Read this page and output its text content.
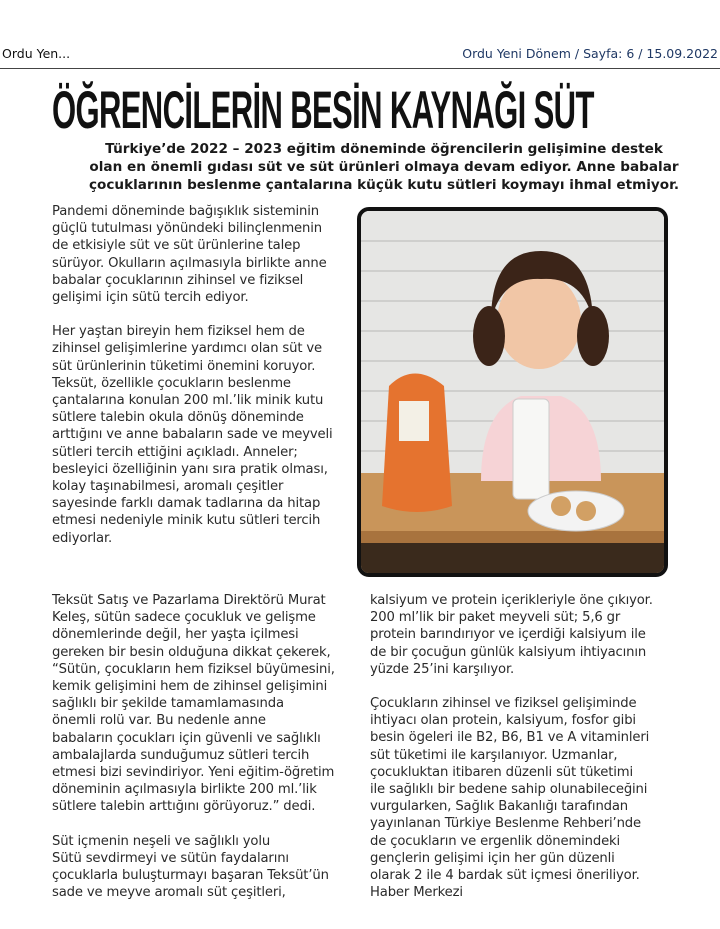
Ordu Yen...	Ordu Yeni Dönem / Sayfa: 6 / 15.09.2022
ÖĞRENCİLERİN BESİN KAYNAĞI SÜT
Türkiye’de 2022 – 2023 eğitim döneminde öğrencilerin gelişimine destek
olan en önemli gıdası süt ve süt ürünleri olmaya devam ediyor. Anne babalar
çocuklarının beslenme çantalarına küçük kutu sütleri koymayı ihmal etmiyor.
Pandemi döneminde bağışıklık sisteminin
güçlü tutulması yönündeki bilinçlenmenin
de etkisiyle süt ve süt ürünlerine talep
sürüyor. Okulların açılmasıyla birlikte anne
babalar çocuklarının zihinsel ve fiziksel
gelişimi için sütü tercih ediyor.
Her yaştan bireyin hem fiziksel hem de
zihinsel gelişimlerine yardımcı olan süt ve
süt ürünlerinin tüketimi önemini koruyor.
Teksüt, özellikle çocukların beslenme
çantalarına konulan 200 ml.’lik minik kutu
sütlere talebin okula dönüş döneminde
arttığını ve anne babaların sade ve meyveli
sütleri tercih ettiğini açıkladı. Anneler;
besleyici özelliğinin yanı sıra pratik olması,
kolay taşınabilmesi, aromalı çeşitler
sayesinde farklı damak tadlarına da hitap
etmesi nedeniyle minik kutu sütleri tercih
ediyorlar.
Teksüt Satış ve Pazarlama Direktörü Murat
Keleş, sütün sadece çocukluk ve gelişme
dönemlerinde değil, her yaşta içilmesi
gereken bir besin olduğuna dikkat çekerek,
“Sütün, çocukların hem fiziksel büyümesini,
kemik gelişimini hem de zihinsel gelişimini
sağlıklı bir şekilde tamamlamasında
önemli rolü var. Bu nedenle anne
babaların çocukları için güvenli ve sağlıklı
ambalajlarda sunduğumuz sütleri tercih
etmesi bizi sevindiriyor. Yeni eğitim-öğretim
döneminin açılmasıyla birlikte 200 ml.’lik
sütlere talebin arttığını görüyoruz.” dedi.
Süt içmenin neşeli ve sağlıklı yolu
Sütü sevdirmeyi ve sütün faydalarını
çocuklarla buluşturmayı başaran Teksüt’ün
sade ve meyve aromalı süt çeşitleri,
kalsiyum ve protein içerikleriyle öne çıkıyor.
200 ml’lik bir paket meyveli süt; 5,6 gr
protein barındırıyor ve içerdiği kalsiyum ile
de bir çocuğun günlük kalsiyum ihtiyacının
yüzde 25’ini karşılıyor.
Çocukların zihinsel ve fiziksel gelişiminde
ihtiyacı olan protein, kalsiyum, fosfor gibi
besin ögeleri ile B2, B6, B1 ve A vitaminleri
süt tüketimi ile karşılanıyor. Uzmanlar,
çocukluktan itibaren düzenli süt tüketimi
ile sağlıklı bir bedene sahip olunabileceğini
vurgularken, Sağlık Bakanlığı tarafından
yayınlanan Türkiye Beslenme Rehberi’nde
de çocukların ve ergenlik dönemindeki
gençlerin gelişimi için her gün düzenli
olarak 2 ile 4 bardak süt içmesi öneriliyor.
Haber Merkezi
